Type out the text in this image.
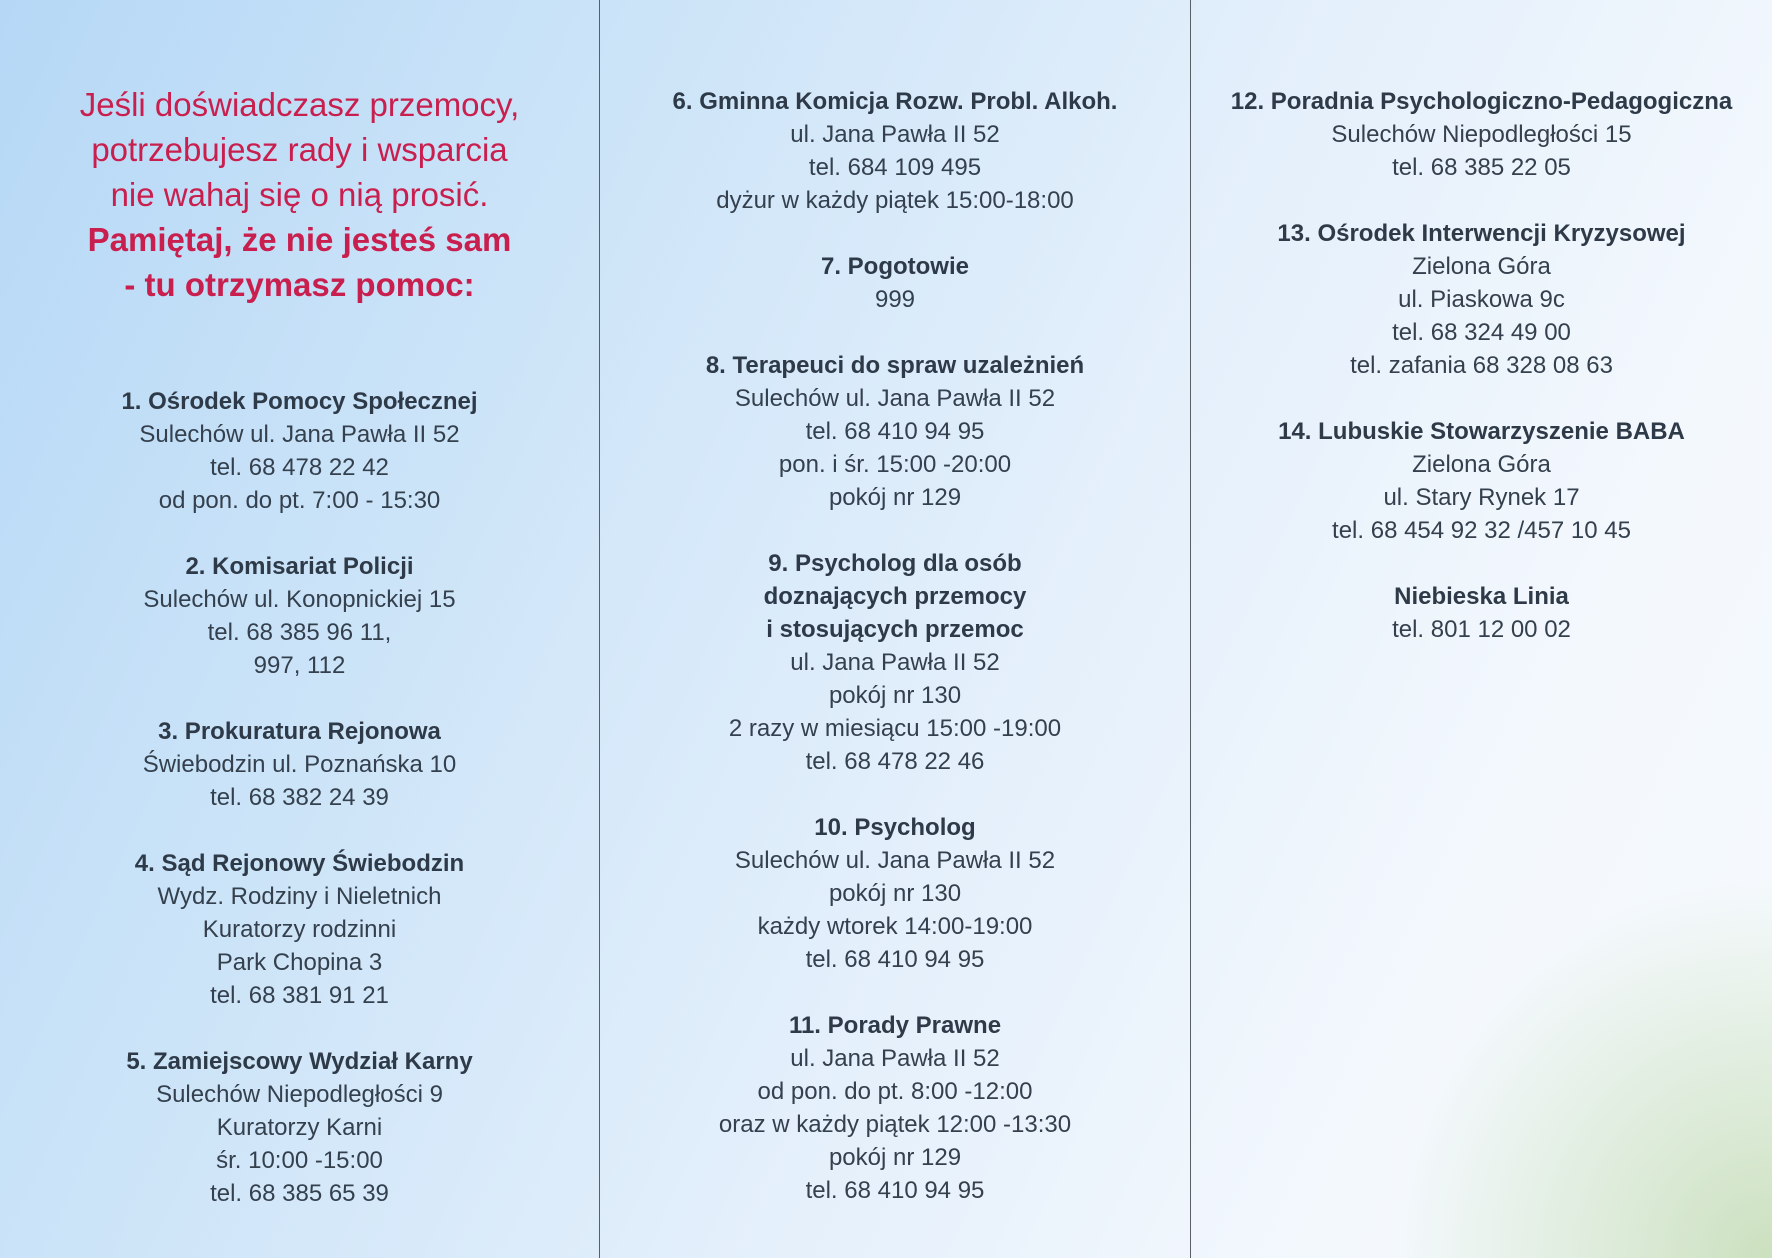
Jeśli doświadczasz przemocy,
potrzebujesz rady i wsparcia
nie wahaj się o nią prosić.
Pamiętaj, że nie jesteś sam
- tu otrzymasz pomoc:
1. Ośrodek Pomocy Społecznej
Sulechów ul. Jana Pawła II 52
tel. 68 478 22 42
od pon. do pt. 7:00 - 15:30
2. Komisariat Policji
Sulechów ul. Konopnickiej 15
tel. 68 385 96 11,
997, 112
3. Prokuratura Rejonowa
Świebodzin ul. Poznańska 10
tel. 68 382 24 39
4. Sąd Rejonowy Świebodzin
Wydz. Rodziny i Nieletnich
Kuratorzy rodzinni
Park Chopina 3
tel. 68 381 91 21
5. Zamiejscowy Wydział Karny
Sulechów Niepodległości 9
Kuratorzy Karni
śr. 10:00 -15:00
tel. 68 385 65 39
6. Gminna Komicja Rozw. Probl. Alkoh.
ul. Jana Pawła II 52
tel. 684 109 495
dyżur w każdy piątek 15:00-18:00
7. Pogotowie
999
8. Terapeuci do spraw uzależnień
Sulechów ul. Jana Pawła II 52
tel. 68 410 94 95
pon. i śr. 15:00 -20:00
pokój nr 129
9. Psycholog dla osób
doznających przemocy
i stosujących przemoc
ul. Jana Pawła II 52
pokój nr 130
2 razy w miesiącu 15:00 -19:00
tel. 68 478 22 46
10. Psycholog
Sulechów ul. Jana Pawła II 52
pokój nr 130
każdy wtorek 14:00-19:00
tel. 68 410 94 95
11. Porady Prawne
ul. Jana Pawła II 52
od pon. do pt. 8:00 -12:00
oraz w każdy piątek 12:00 -13:30
pokój nr 129
tel. 68 410 94 95
12. Poradnia Psychologiczno-Pedagogiczna
Sulechów Niepodległości 15
tel. 68 385 22 05
13. Ośrodek Interwencji Kryzysowej
Zielona Góra
ul. Piaskowa 9c
tel. 68 324 49 00
tel. zafania 68 328 08 63
14. Lubuskie Stowarzyszenie BABA
Zielona Góra
ul. Stary Rynek 17
tel. 68 454 92 32 /457 10 45
Niebieska Linia
tel. 801 12 00 02
